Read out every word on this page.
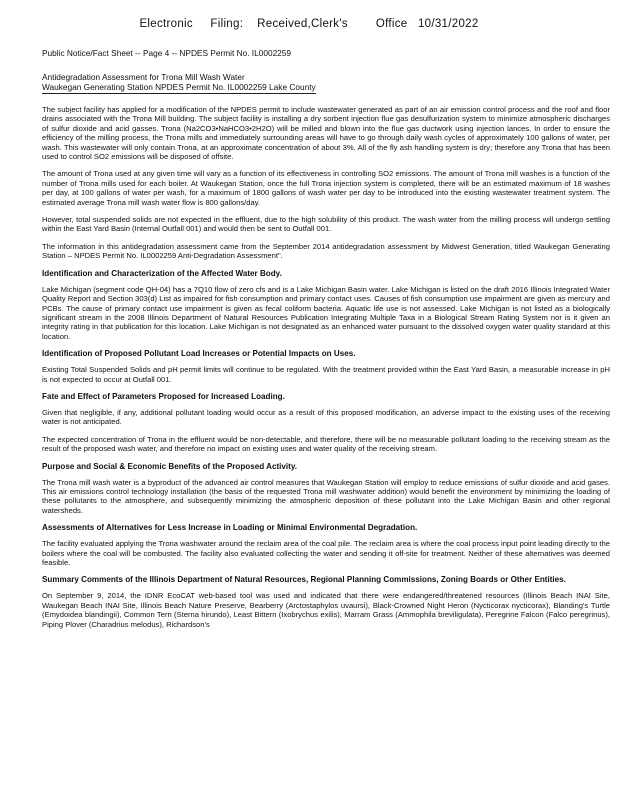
Electronic     Filing:    Received,Clerk's        Office   10/31/2022
Public Notice/Fact Sheet -- Page 4 -- NPDES Permit No. IL0002259
Antidegradation Assessment for Trona Mill Wash Water
Waukegan Generating Station NPDES Permit No. IL0002259 Lake County

The subject facility has applied for a modification of the NPDES permit to include wastewater generated as part of an air emission control process and the roof and floor drains associated with the Trona Mill building. The subject facility is installing a dry sorbent injection flue gas desulfurization system to minimize atmospheric discharges of sulfur dioxide and acid gasses. Trona (Na2CO3•NaHCO3•2H2O) will be milled and blown into the flue gas ductwork using injection lances. In order to ensure the efficiency of the milling process, the Trona mills and immediately surrounding areas will have to go through daily wash cycles of approximately 100 gallons of water, per wash. This wastewater will only contain Trona, at an approximate concentration of about 3%. All of the fly ash handling system is dry; therefore any Trona that has been used to control SO2 emissions will be disposed of offsite.

The amount of Trona used at any given time will vary as a function of its effectiveness in controlling SO2 emissions. The amount of Trona mill washes is a function of the number of Trona mills used for each boiler. At Waukegan Station, once the full Trona injection system is completed, there will be an estimated maximum of 18 washes per day, at 100 gallons of water per wash, for a maximum of 1800 gallons of wash water per day to be introduced into the existing wastewater treatment system. The estimated average Trona mill wash water flow is 800 gallons/day.

However, total suspended solids are not expected in the effluent, due to the high solubility of this product. The wash water from the milling process will undergo settling within the East Yard Basin (Internal Outfall 001) and would then be sent to Outfall 001.

The information in this antidegradation assessment came from the September 2014 antidegradation assessment by Midwest Generation, titled Waukegan Generating Station – NPDES Permit No. IL0002259 Anti-Degradation Assessment".

Identification and Characterization of the Affected Water Body.

Lake Michigan (segment code QH-04) has a 7Q10 flow of zero cfs and is a Lake Michigan Basin water. Lake Michigan is listed on the draft 2016 Illinois Integrated Water Quality Report and Section 303(d) List as impaired for fish consumption and primary contact uses. Causes of fish consumption use impairment are given as mercury and PCBs. The cause of primary contact use impairment is given as fecal coliform bacteria. Aquatic life use is not assessed. Lake Michigan is not listed as a biologically significant stream in the 2008 Illinois Department of Natural Resources Publication Integrating Multiple Taxa in a Biological Stream Rating System nor is it given an integrity rating in that publication for this location. Lake Michigan is not designated as an enhanced water pursuant to the dissolved oxygen water quality standard at this location.

Identification of Proposed Pollutant Load Increases or Potential Impacts on Uses.

Existing Total Suspended Solids and pH permit limits will continue to be regulated. With the treatment provided within the East Yard Basin, a measurable increase in pH is not expected to occur at Outfall 001.

Fate and Effect of Parameters Proposed for Increased Loading.

Given that negligible, if any, additional pollutant loading would occur as a result of this proposed modification, an adverse impact to the existing uses of the receiving water is not anticipated.

The expected concentration of Trona in the effluent would be non-detectable, and therefore, there will be no measurable pollutant loading to the receiving stream as the result of the proposed wash water, and therefore no impact on existing uses and water quality of the receiving stream.

Purpose and Social & Economic Benefits of the Proposed Activity.

The Trona mill wash water is a byproduct of the advanced air control measures that Waukegan Station will employ to reduce emissions of sulfur dioxide and acid gases. This air emissions control technology installation (the basis of the requested Trona mill washwater addition) would benefit the environment by minimizing the loading of these pollutants to the atmosphere, and subsequently minimizing the atmospheric deposition of these pollutant into the Lake Michigan Basin and other regional watersheds.

Assessments of Alternatives for Less Increase in Loading or Minimal Environmental Degradation.

The facility evaluated applying the Trona washwater around the reclaim area of the coal pile. The reclaim area is where the coal process input point leading directly to the boilers where the coal will be combusted. The facility also evaluated collecting the water and sending it off-site for treatment. Neither of these alternatives was deemed feasible.

Summary Comments of the Illinois Department of Natural Resources, Regional Planning Commissions, Zoning Boards or Other Entities.

On September 9, 2014, the IDNR EcoCAT web-based tool was used and indicated that there were endangered/threatened resources (Illinois Beach INAI Site, Waukegan Beach INAI Site, Illinois Beach Nature Preserve, Bearberry (Arctostaphylos uvaursi), Black-Crowned Night Heron (Nycticorax nycticorax), Blanding's Turtle (Emydoidea blandingii), Common Tern (Sterna hirundo), Least Bittern (Ixobrychus exilis), Marram Grass (Ammophila breviligulata), Peregrine Falcon (Falco peregrinus), Piping Plover (Charadrius melodus), Richardson's
